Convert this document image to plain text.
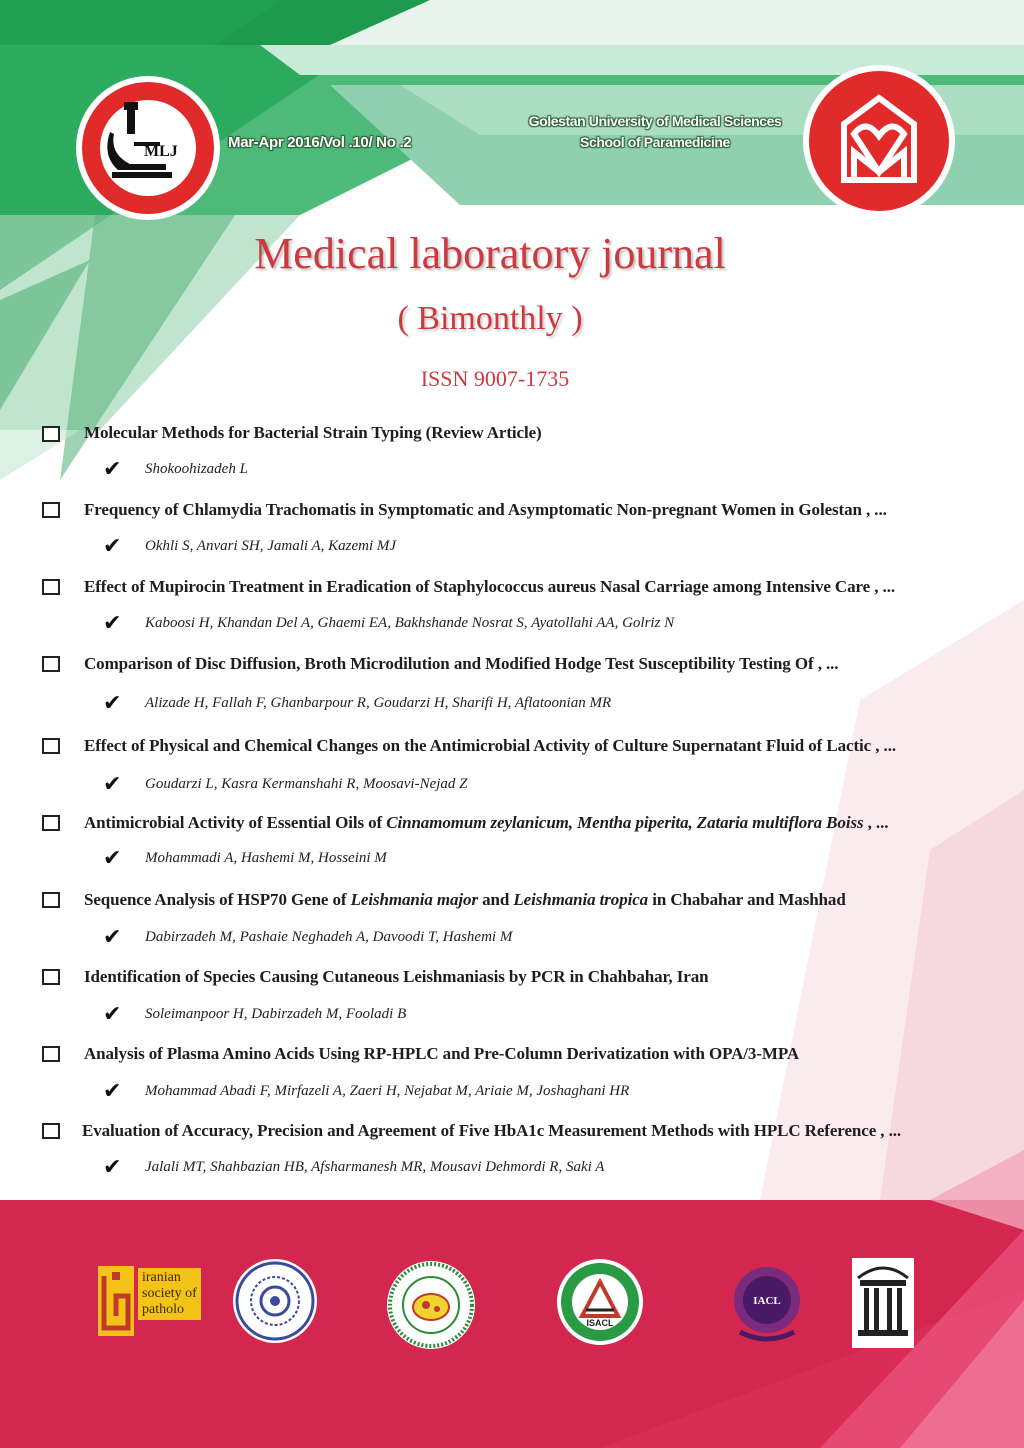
MLJ
Mar-Apr 2016/Vol .10/ No .2
Golestan University of Medical Sciences
School of Paramedicine
Medical laboratory journal
( Bimonthly )
ISSN 9007-1735
Molecular Methods for Bacterial Strain Typing (Review Article)
✔ Shokoohizadeh L
Frequency of Chlamydia Trachomatis in Symptomatic and Asymptomatic Non-pregnant Women in Golestan , ...
✔ Okhli S, Anvari SH, Jamali A, Kazemi MJ
Effect of Mupirocin Treatment in Eradication of Staphylococcus aureus Nasal Carriage among Intensive Care , ...
✔ Kaboosi H, Khandan Del A, Ghaemi EA, Bakhshande Nosrat S, Ayatollahi AA, Golriz N
Comparison of Disc Diffusion, Broth Microdilution and Modified Hodge Test Susceptibility Testing Of , ...
✔ Alizade H, Fallah F, Ghanbarpour R, Goudarzi H, Sharifi H, Aflatoonian MR
Effect of Physical and Chemical Changes on the Antimicrobial Activity of Culture Supernatant Fluid of Lactic , ...
✔ Goudarzi L, Kasra Kermanshahi R, Moosavi-Nejad Z
Antimicrobial Activity of Essential Oils of Cinnamomum zeylanicum, Mentha piperita, Zataria multiflora Boiss , ...
✔ Mohammadi A, Hashemi M, Hosseini M
Sequence Analysis of HSP70 Gene of Leishmania major and Leishmania tropica in Chabahar and Mashhad
✔ Dabirzadeh M, Pashaie Neghadeh A, Davoodi T, Hashemi M
Identification of Species Causing Cutaneous Leishmaniasis by PCR in Chahbahar, Iran
✔ Soleimanpoor H, Dabirzadeh M, Fooladi B
Analysis of Plasma Amino Acids Using RP-HPLC and Pre-Column Derivatization with OPA/3-MPA
✔ Mohammad Abadi F, Mirfazeli A, Zaeri H, Nejabat M, Ariaie M, Joshaghani HR
Evaluation of Accuracy, Precision and Agreement of Five HbA1c Measurement Methods with HPLC Reference , ...
✔ Jalali MT, Shahbazian HB, Afsharmanesh MR, Mousavi Dehmordi R, Saki A
iranian
society of
patholo
ISACL
IACL
